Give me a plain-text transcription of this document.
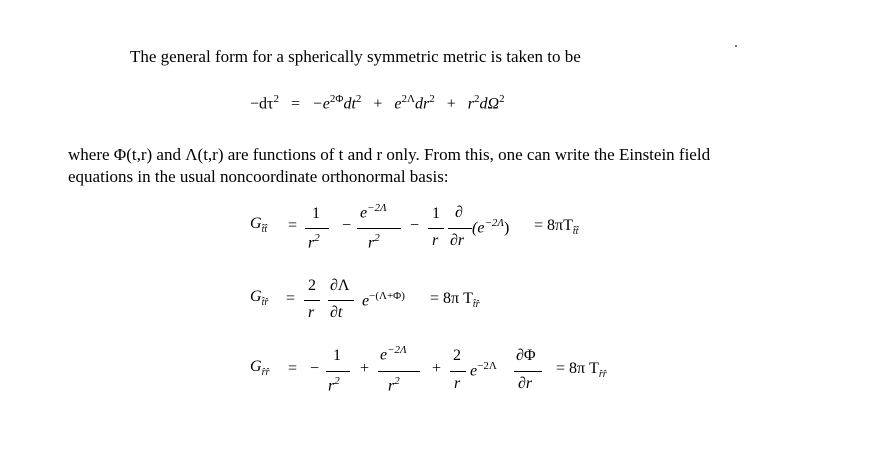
The general form for a spherically symmetric metric is taken to be
$-d\tau^2 = -e^{2\Phi}dt^2 + e^{2\Lambda}dr^2 + r^2d\Omega^2$
where Φ(t,r) and Λ(t,r) are functions of t and r only. From this, one can write the Einstein field
equations in the usual noncoordinate orthonormal basis:
$G_{t̂t̂}$ =
1
$r^2$
−
$e^{-2\Lambda}$
$r^2$
−
1
r
∂
∂r
$(e^{-2\Lambda}) = 8\pi T_{t̂t̂}$
$G_{t̂r̂}$ =
2
r
∂Λ
∂t
$e^{-(\Lambda+\Phi)} = 8\pi$ $T_{t̂r̂}$
$G_{r̂r̂}$ = −
1
$r^2$
+
$e^{-2\Lambda}$
$r^2$
+
2
r
$e^{-2\Lambda}$
∂Φ
∂r
= 8π $T_{r̂r̂}$
